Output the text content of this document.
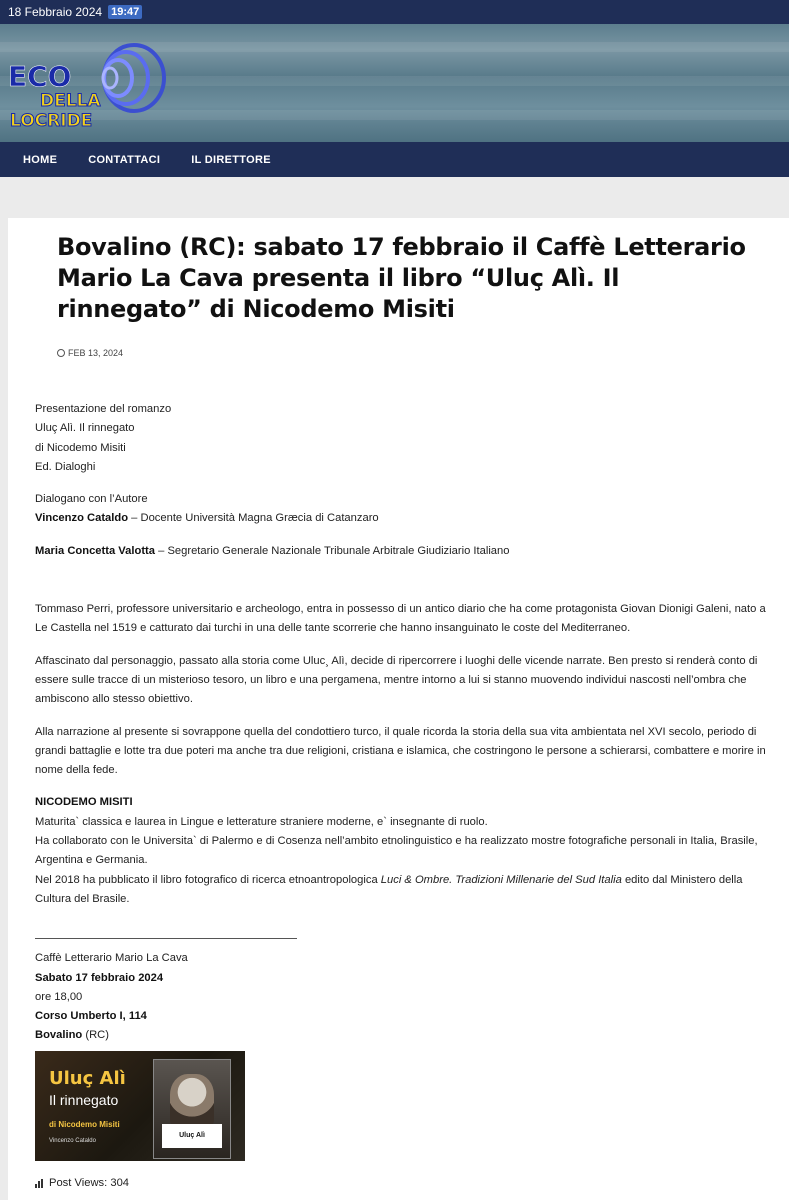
18 Febbraio 2024 19:47
ECO
DELLA
LOCRIDE
HOME	CONTATTACI	IL DIRETTORE
Bovalino (RC): sabato 17 febbraio il Caffè Letterario Mario La Cava presenta il libro “Uluç Alì. Il rinnegato” di Nicodemo Misiti
FEB 13, 2024

Presentazione del romanzo

Uluç Alì. Il rinnegato

di Nicodemo Misiti

Ed. Dialoghi

Dialogano con l’Autore

Vincenzo Cataldo – Docente Università Magna Græcia di Catanzaro

Maria Concetta Valotta – Segretario Generale Nazionale Tribunale Arbitrale Giudiziario Italiano

Tommaso Perri, professore universitario e archeologo, entra in possesso di un antico diario che ha come protagonista Giovan Dionigi Galeni, nato a Le Castella nel 1519 e catturato dai turchi in una delle tante scorrerie che hanno insanguinato le coste del Mediterraneo.

Affascinato dal personaggio, passato alla storia come Uluc¸ Alì, decide di ripercorrere i luoghi delle vicende narrate. Ben presto si renderà conto di essere sulle tracce di un misterioso tesoro, un libro e una pergamena, mentre intorno a lui si stanno muovendo individui nascosti nell’ombra che ambiscono allo stesso obiettivo.

Alla narrazione al presente si sovrappone quella del condottiero turco, il quale ricorda la storia della sua vita ambientata nel XVI secolo, periodo di grandi battaglie e lotte tra due poteri ma anche tra due religioni, cristiana e islamica, che costringono le persone a schierarsi, combattere e morire in nome della fede.

NICODEMO MISITI

Maturita` classica e laurea in Lingue e letterature straniere moderne, e` insegnante di ruolo.

Ha collaborato con le Universita` di Palermo e di Cosenza nell’ambito etnolinguistico e ha realizzato mostre fotografiche personali in Italia, Brasile, Argentina e Germania.

Nel 2018 ha pubblicato il libro fotografico di ricerca etnoantropologica Luci & Ombre. Tradizioni Millenarie del Sud Italia edito dal Ministero della Cultura del Brasile.

Caffè Letterario Mario La Cava

Sabato 17 febbraio 2024

ore 18,00

Corso Umberto I, 114

Bovalino (RC)

Uluç Alì
Il rinnegato
di Nicodemo Misiti
Vincenzo Cataldo
Uluç Alì
Post Views:
304
